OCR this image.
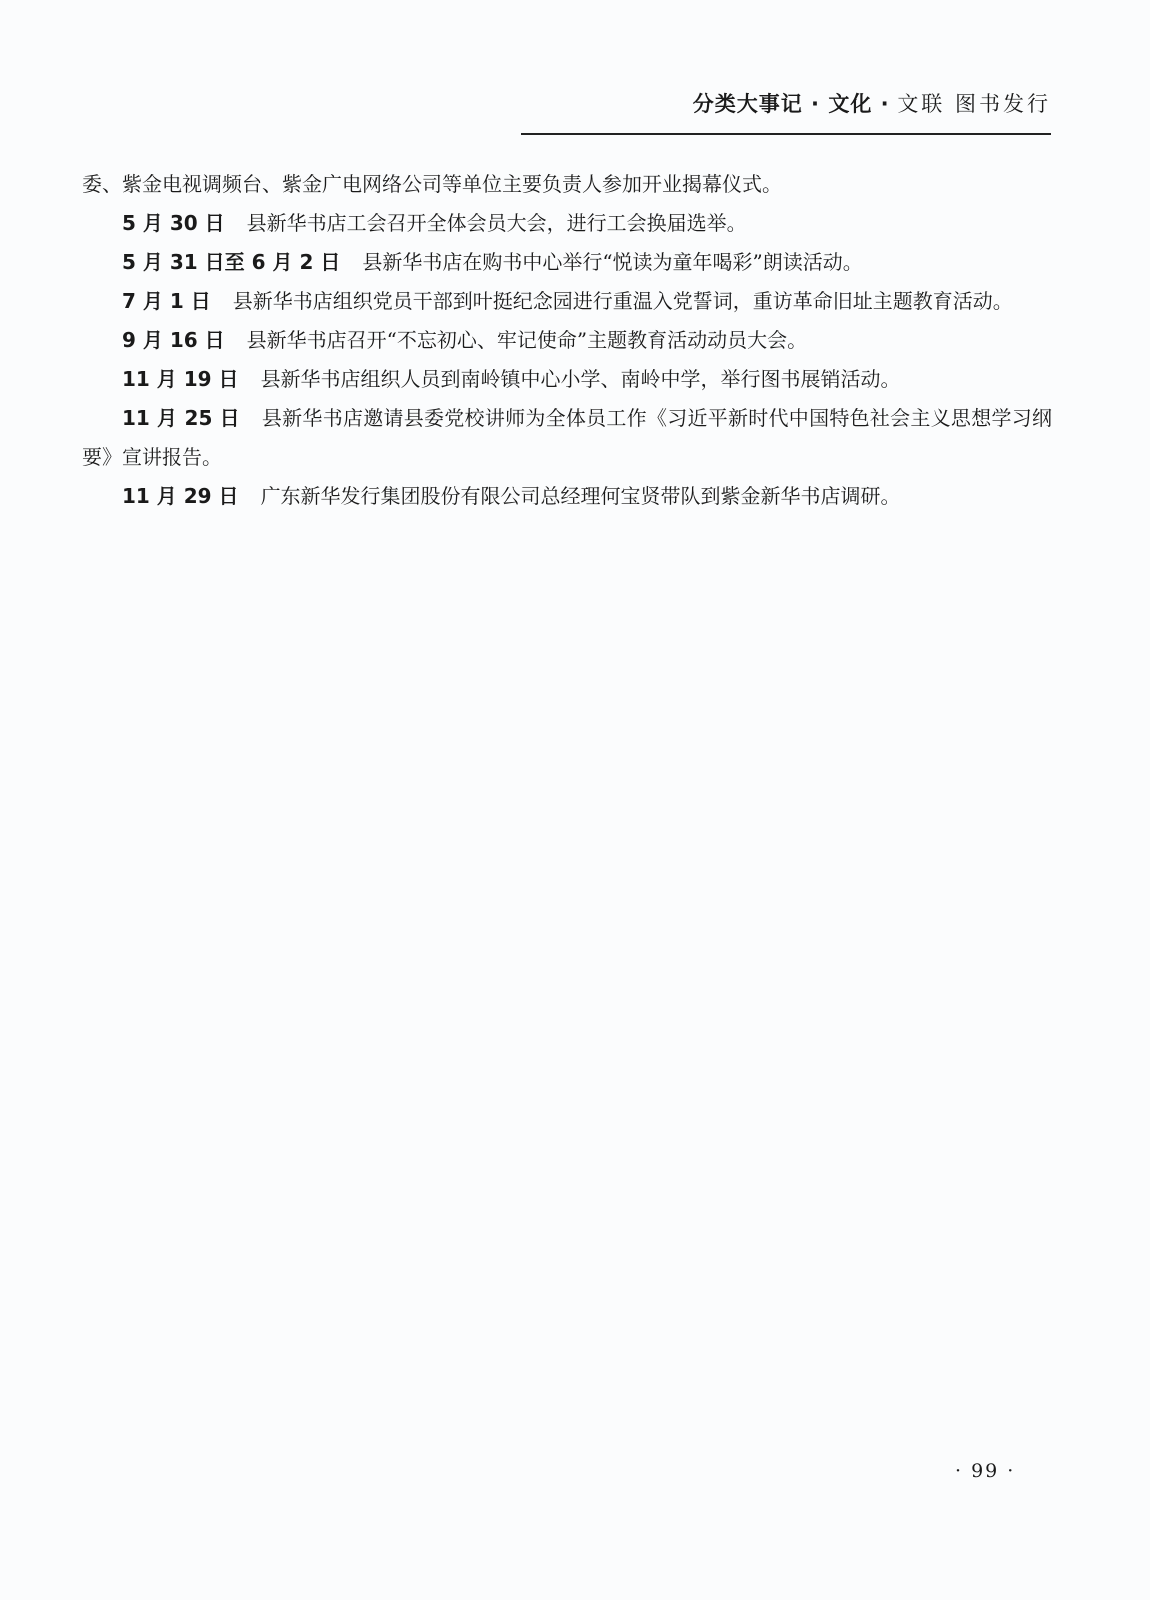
分类大事记 · 文化 · 文联 图书发行

委、紫金电视调频台、紫金广电网络公司等单位主要负责人参加开业揭幕仪式。

5 月 30 日 县新华书店工会召开全体会员大会，进行工会换届选举。

5 月 31 日至 6 月 2 日 县新华书店在购书中心举行“悦读为童年喝彩”朗读活动。

7 月 1 日 县新华书店组织党员干部到叶挺纪念园进行重温入党誓词，重访革命旧址主题教育活动。

9 月 16 日 县新华书店召开“不忘初心、牢记使命”主题教育活动动员大会。

11 月 19 日 县新华书店组织人员到南岭镇中心小学、南岭中学，举行图书展销活动。

11 月 25 日 县新华书店邀请县委党校讲师为全体员工作《习近平新时代中国特色社会主义思想学习纲要》宣讲报告。

11 月 29 日 广东新华发行集团股份有限公司总经理何宝贤带队到紫金新华书店调研。

· 99 ·
